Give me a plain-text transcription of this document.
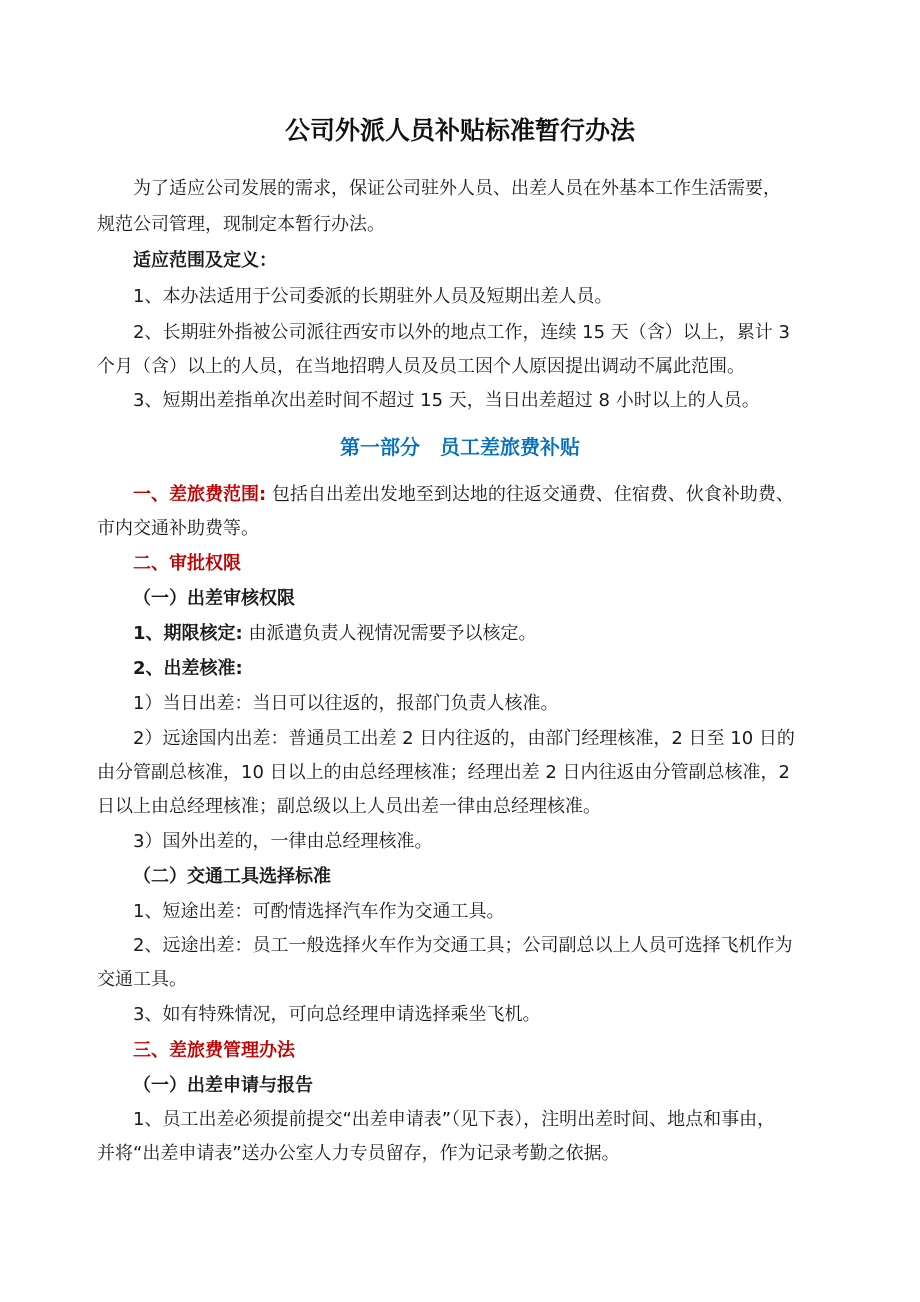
公司外派人员补贴标准暂行办法
为了适应公司发展的需求，保证公司驻外人员、出差人员在外基本工作生活需要，
规范公司管理，现制定本暂行办法。
适应范围及定义：
1、本办法适用于公司委派的长期驻外人员及短期出差人员。
2、长期驻外指被公司派往西安市以外的地点工作，连续 15 天（含）以上，累计 3
个月（含）以上的人员，在当地招聘人员及员工因个人原因提出调动不属此范围。
3、短期出差指单次出差时间不超过 15 天，当日出差超过 8 小时以上的人员。
第一部分　员工差旅费补贴
一、差旅费范围: 包括自出差出发地至到达地的往返交通费、住宿费、伙食补助费、
市内交通补助费等。
二、审批权限
（一）出差审核权限
1、期限核定: 由派遣负责人视情况需要予以核定。
2、出差核准:
1）当日出差：当日可以往返的，报部门负责人核准。
2）远途国内出差：普通员工出差 2 日内往返的，由部门经理核准，2 日至 10 日的
由分管副总核准，10 日以上的由总经理核准；经理出差 2 日内往返由分管副总核准，2
日以上由总经理核准；副总级以上人员出差一律由总经理核准。
3）国外出差的，一律由总经理核准。
（二）交通工具选择标准
1、短途出差：可酌情选择汽车作为交通工具。
2、远途出差：员工一般选择火车作为交通工具；公司副总以上人员可选择飞机作为
交通工具。
3、如有特殊情况，可向总经理申请选择乘坐飞机。
三、差旅费管理办法
（一）出差申请与报告
1、员工出差必须提前提交“出差申请表”（见下表），注明出差时间、地点和事由，
并将“出差申请表”送办公室人力专员留存，作为记录考勤之依据。
